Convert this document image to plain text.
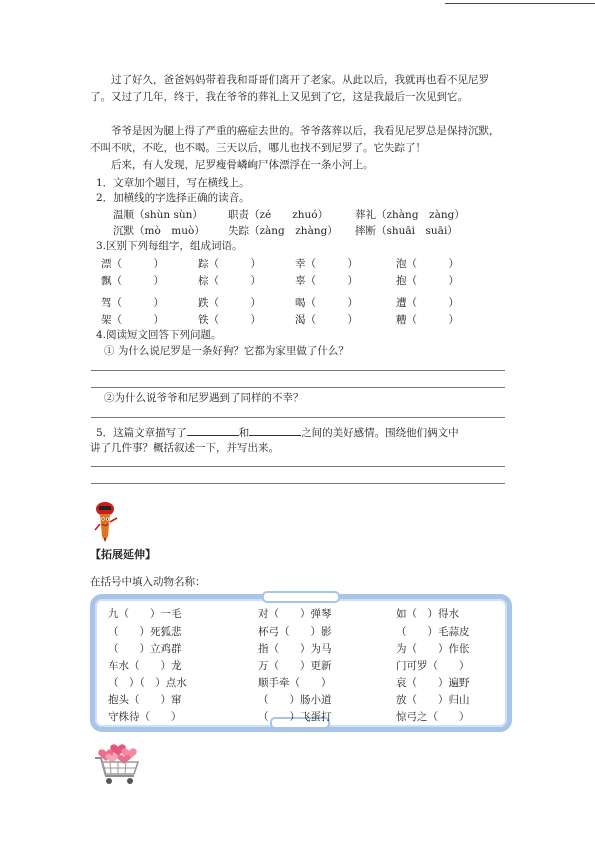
过了好久，爸爸妈妈带着我和哥哥们离开了老家。从此以后，我就再也看不见尼罗了。又过了几年，终于，我在爷爷的葬礼上又见到了它，这是我最后一次见到它。
爷爷是因为腿上得了严重的癌症去世的。爷爷落葬以后，我看见尼罗总是保持沉默，不叫不吠，不吃，也不喝。三天以后，哪儿也找不到尼罗了。它失踪了！
后来，有人发现，尼罗瘦骨嶙峋尸体漂浮在一条小河上。
1．文章加个题目，写在横线上。
2．加横线的字选择正确的读音。
温顺（shùn sùn） 职责（zé　　zhuó）	葬礼（zhàng　zàng）
沉默（mò　muò） 失踪（zàng　zhàng） 摔断（shuāi　suāi）
3.区别下列每组字，组成词语。
漂（　　　）	踪（　　　）	幸（　　　）	泡（　　　）
飘（　　　）	棕（　　　）	辜（　　　）	抱（　　　）
驾（　　　）	跌（　　　）	喝（　　　）	遭（　　　）
架（　　　）	铁（　　　）	渴（　　　）	糟（　　　）
4.阅读短文回答下列问题。
① 为什么说尼罗是一条好狗？它都为家里做了什么？
②为什么说爷爷和尼罗遇到了同样的不幸？
5．这篇文章描写了	和	之间的美好感情。围绕他们俩文中
讲了几件事？概括叙述一下，并写出来。
【拓展延伸】
在括号中填入动物名称：
九（　　）一毛	对（　　）弹琴	如（　）得水
（　　）死狐悲	杯弓（　　）影	（　　）毛蒜皮
（　　）立鸡群	指（　　）为马	为（　　）作伥
车水（　　）龙	万（　　）更新	门可罗（　　）
（　）（　）点水	顺手牵（　　）	哀（　　）遍野
抱头（　　）窜	（　　）肠小道	放（　　）归山
守株待（　　）	（　　）飞蛋打	惊弓之（　　）
